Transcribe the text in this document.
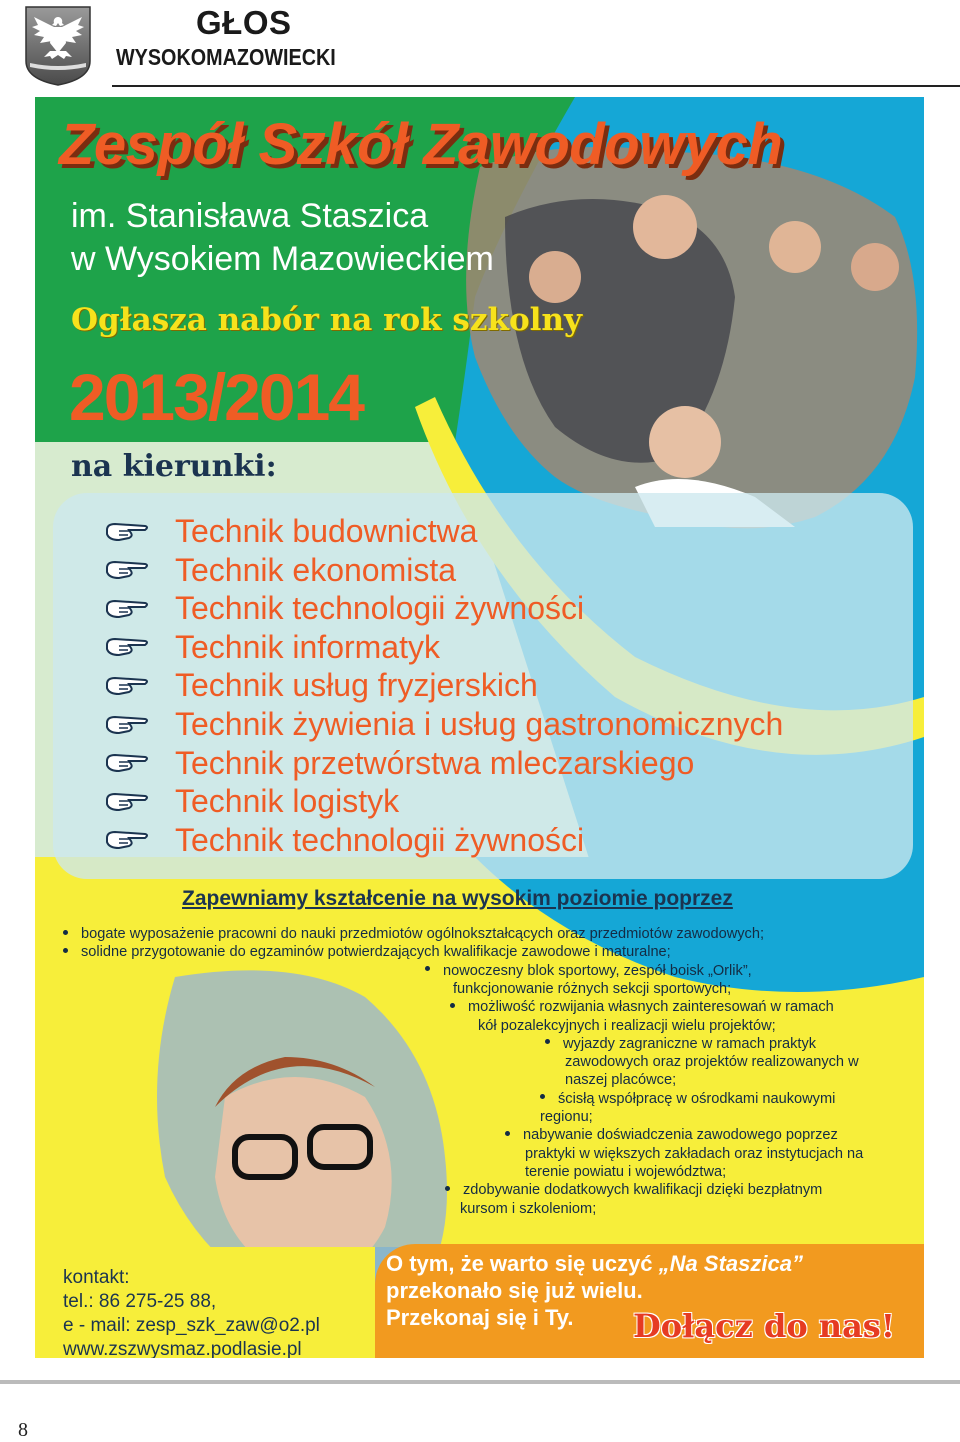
GŁOS
WYSOKOMAZOWIECKI
Zespół Szkół Zawodowych
im. Stanisława Staszica
w Wysokiem Mazowieckiem
Ogłasza nabór na rok szkolny
2013/2014
na kierunki:
Technik budownictwa
Technik ekonomista
Technik technologii żywności
Technik informatyk
Technik usług fryzjerskich
Technik żywienia i usług gastronomicznych
Technik przetwórstwa mleczarskiego
Technik logistyk
Technik technologii żywności
Zapewniamy kształcenie na wysokim poziomie poprzez
bogate wyposażenie pracowni do nauki przedmiotów ogólnokształcących oraz przedmiotów zawodowych;
solidne przygotowanie do egzaminów potwierdzających kwalifikacje zawodowe i maturalne;
nowoczesny blok sportowy, zespół boisk „Orlik”,
funkcjonowanie różnych sekcji sportowych;
możliwość rozwijania własnych zainteresowań w ramach
kół pozalekcyjnych i realizacji wielu projektów;
wyjazdy zagraniczne w ramach praktyk
zawodowych oraz projektów realizowanych w
naszej placówce;
ścisłą współpracę w ośrodkami naukowymi
regionu;
nabywanie doświadczenia zawodowego poprzez
praktyki w większych zakładach oraz instytucjach na
terenie powiatu i województwa;
zdobywanie dodatkowych kwalifikacji dzięki bezpłatnym
kursom i szkoleniom;
kontakt:
tel.: 86 275-25 88,
e - mail: zesp_szk_zaw@o2.pl
www.zszwysmaz.podlasie.pl
O tym, że warto się uczyć „Na Staszica”
przekonało się już wielu.
Przekonaj się i Ty.	Dołącz do nas!
8
